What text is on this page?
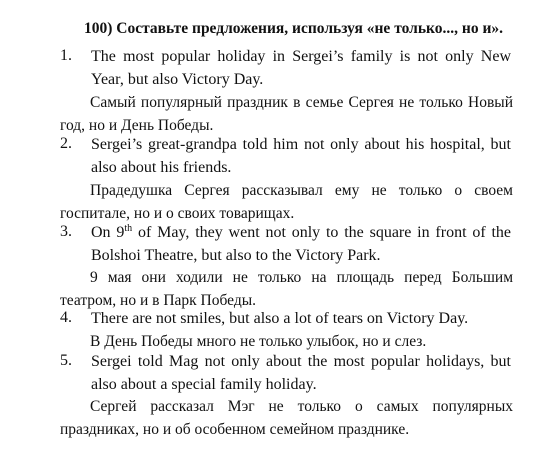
100) Составьте предложения, используя «не только..., но и».
1. The most popular holiday in Sergei’s family is not only New Year, but also Victory Day.
Самый популярный праздник в семье Сергея не только Новый год, но и День Победы.
2. Sergei’s great-grandpa told him not only about his hospital, but also about his friends.
Прадедушка Сергея рассказывал ему не только о своем госпитале, но и о своих товарищах.
3. On 9th of May, they went not only to the square in front of the Bolshoi Theatre, but also to the Victory Park.
9 мая они ходили не только на площадь перед Большим театром, но и в Парк Победы.
4. There are not smiles, but also a lot of tears on Victory Day.
В День Победы много не только улыбок, но и слез.
5. Sergei told Mag not only about the most popular holidays, but also about a special family holiday.
Сергей рассказал Мэг не только о самых популярных праздниках, но и об особенном семейном празднике.
